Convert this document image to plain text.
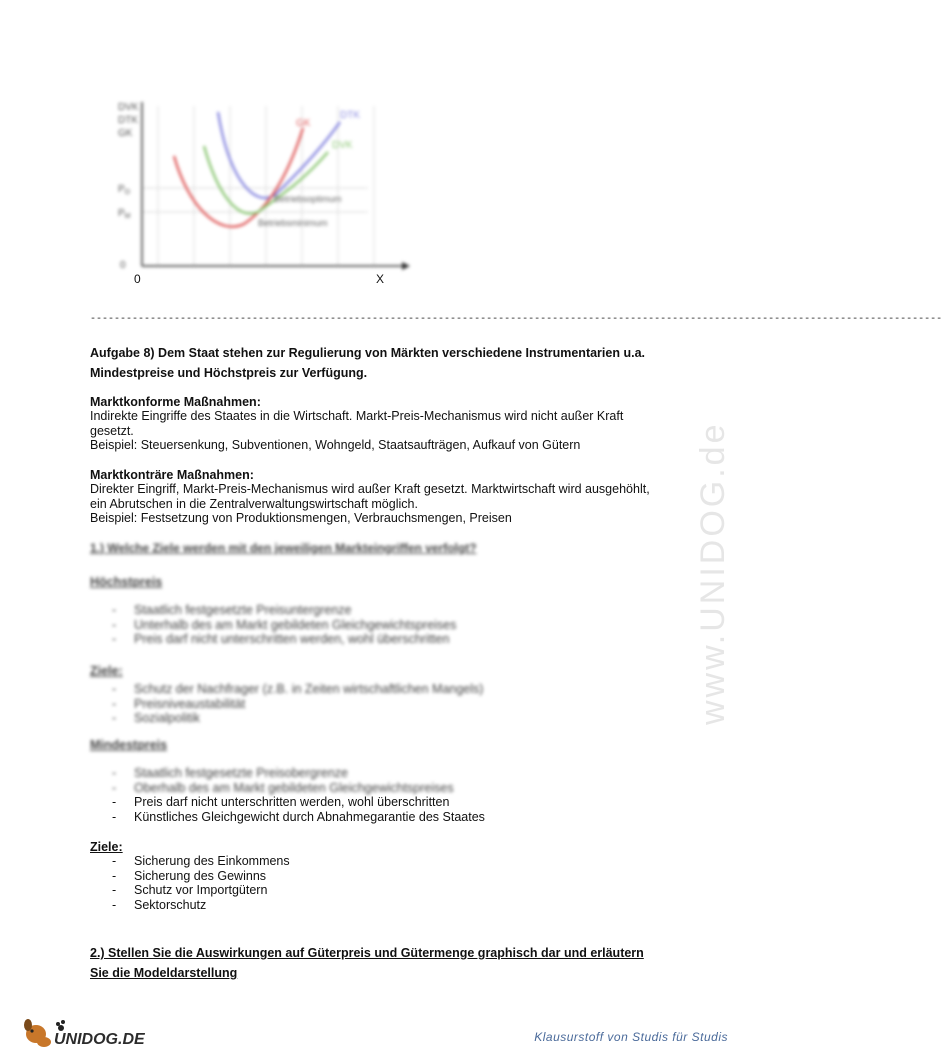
DVK
DTK
GK
GK
DTK
DVK
$P_O$
$P_M$
Betriebsoptimum
Betriebsminimum
0
0	X
----------------------------------------------------------------------------------------------------------------------------------------------
Aufgabe 8) Dem Staat stehen zur Regulierung von Märkten verschiedene Instrumentarien u.a. Mindestpreise und Höchstpreis zur Verfügung.
Marktkonforme Maßnahmen:
Indirekte Eingriffe des Staates in die Wirtschaft. Markt-Preis-Mechanismus wird nicht außer Kraft gesetzt.
Beispiel: Steuersenkung, Subventionen, Wohngeld, Staatsaufträgen, Aufkauf von Gütern
Marktkonträre Maßnahmen:
Direkter Eingriff, Markt-Preis-Mechanismus wird außer Kraft gesetzt. Marktwirtschaft wird ausgehöhlt, ein Abrutschen in die Zentralverwaltungswirtschaft möglich.
Beispiel: Festsetzung von Produktionsmengen, Verbrauchsmengen, Preisen
1.) Welche Ziele werden mit den jeweiligen Markteingriffen verfolgt?
Höchstpreis
- Staatlich festgesetzte Preisuntergrenze
- Unterhalb des am Markt gebildeten Gleichgewichtspreises
- Preis darf nicht unterschritten werden, wohl überschritten
Ziele:
- Schutz der Nachfrager (z.B. in Zeiten wirtschaftlichen Mangels)
- Preisniveaustabilität
- Sozialpolitik
Mindestpreis
- Staatlich festgesetzte Preisobergrenze
- Oberhalb des am Markt gebildeten Gleichgewichtspreises
- Preis darf nicht unterschritten werden, wohl überschritten
- Künstliches Gleichgewicht durch Abnahmegarantie des Staates
Ziele:
- Sicherung des Einkommens
- Sicherung des Gewinns
- Schutz vor Importgütern
- Sektorschutz
2.) Stellen Sie die Auswirkungen auf Güterpreis und Gütermenge graphisch dar und erläutern Sie die Modeldarstellung
www.UNIDOG.de
UNIDOG.DE	Klausurstoff von Studis für Studis
